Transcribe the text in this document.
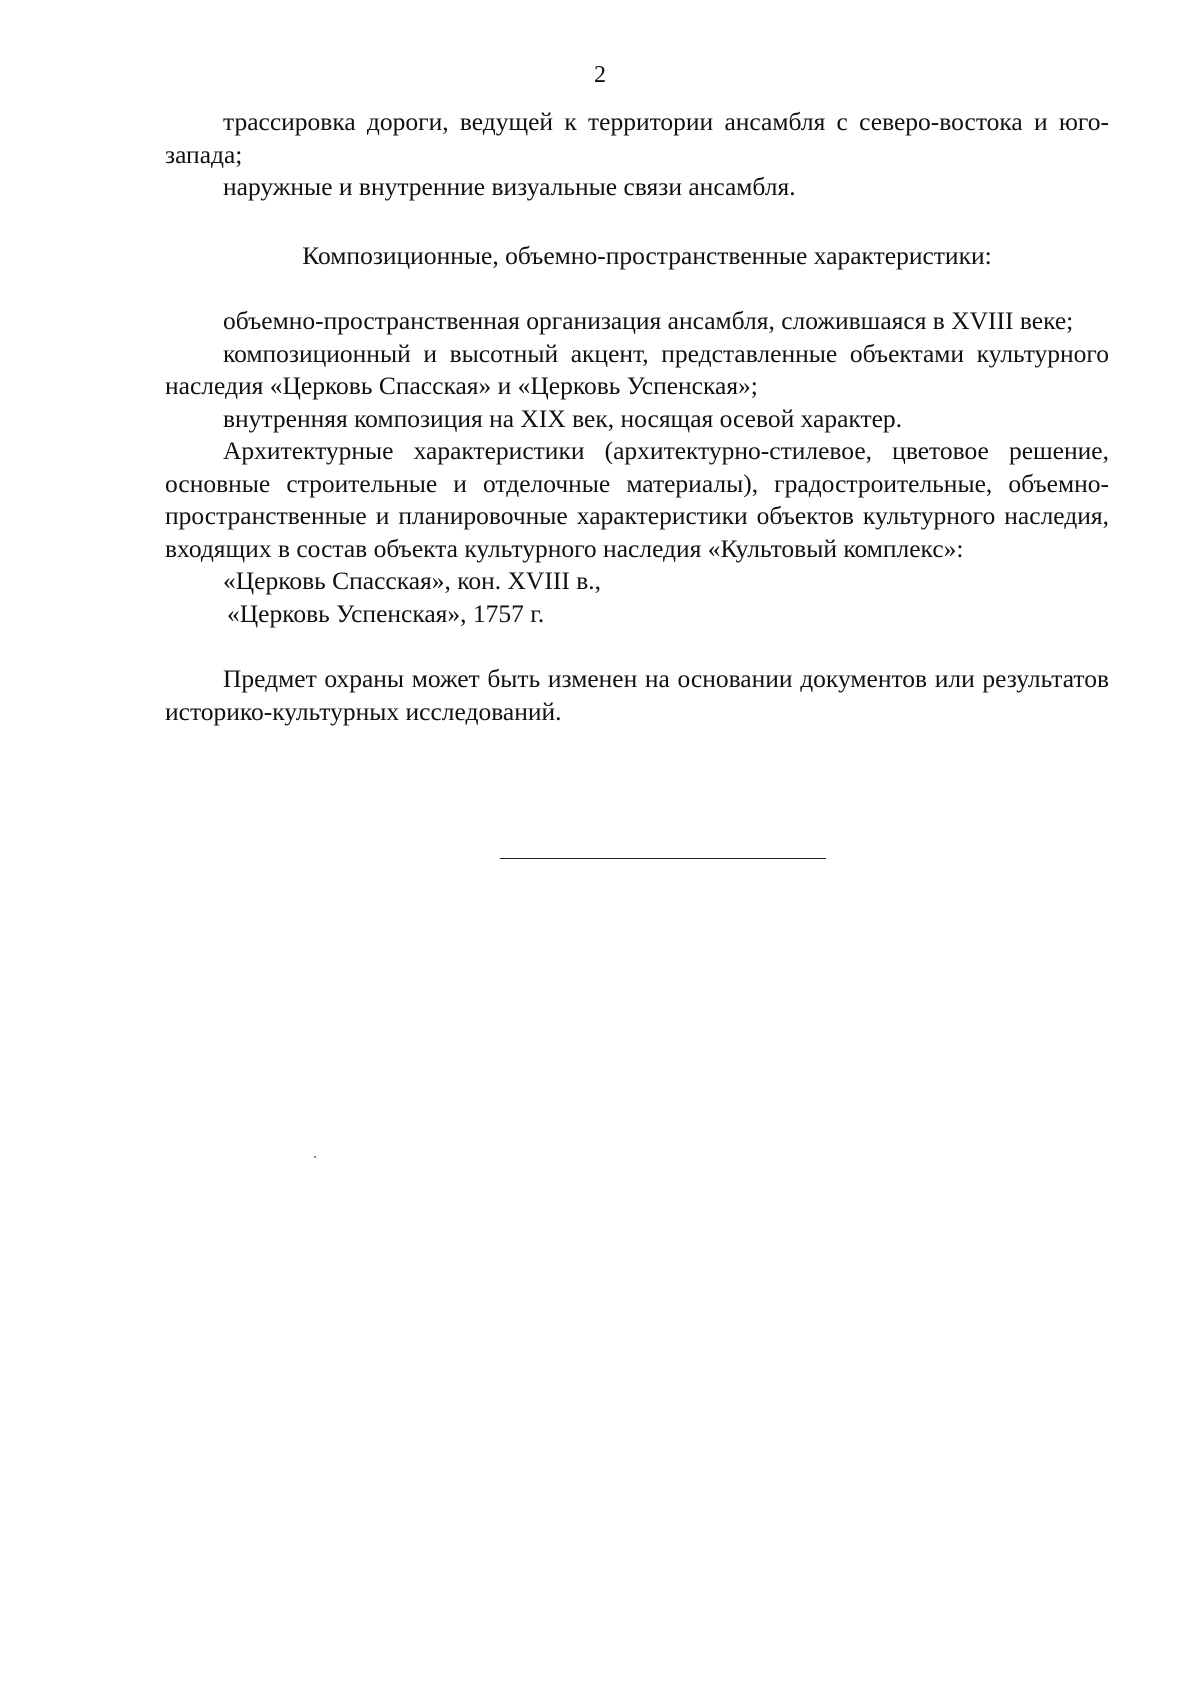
2

трассировка дороги, ведущей к территории ансамбля с северо-востока и юго-запада;

наружные и внутренние визуальные связи ансамбля.

Композиционные, объемно-пространственные характеристики:

объемно-пространственная организация ансамбля, сложившаяся в XVIII веке;

композиционный и высотный акцент, представленные объектами культурного наследия «Церковь Спасская» и «Церковь Успенская»;

внутренняя композиция на XIX век, носящая осевой характер.

Архитектурные характеристики (архитектурно-стилевое, цветовое решение, основные строительные и отделочные материалы), градостроительные, объемно-пространственные и планировочные характеристики объектов культурного наследия, входящих в состав объекта культурного наследия «Культовый комплекс»:

«Церковь Спасская», кон. XVIII в.,

«Церковь Успенская», 1757 г.

Предмет охраны может быть изменен на основании документов или результатов историко-культурных исследований.
